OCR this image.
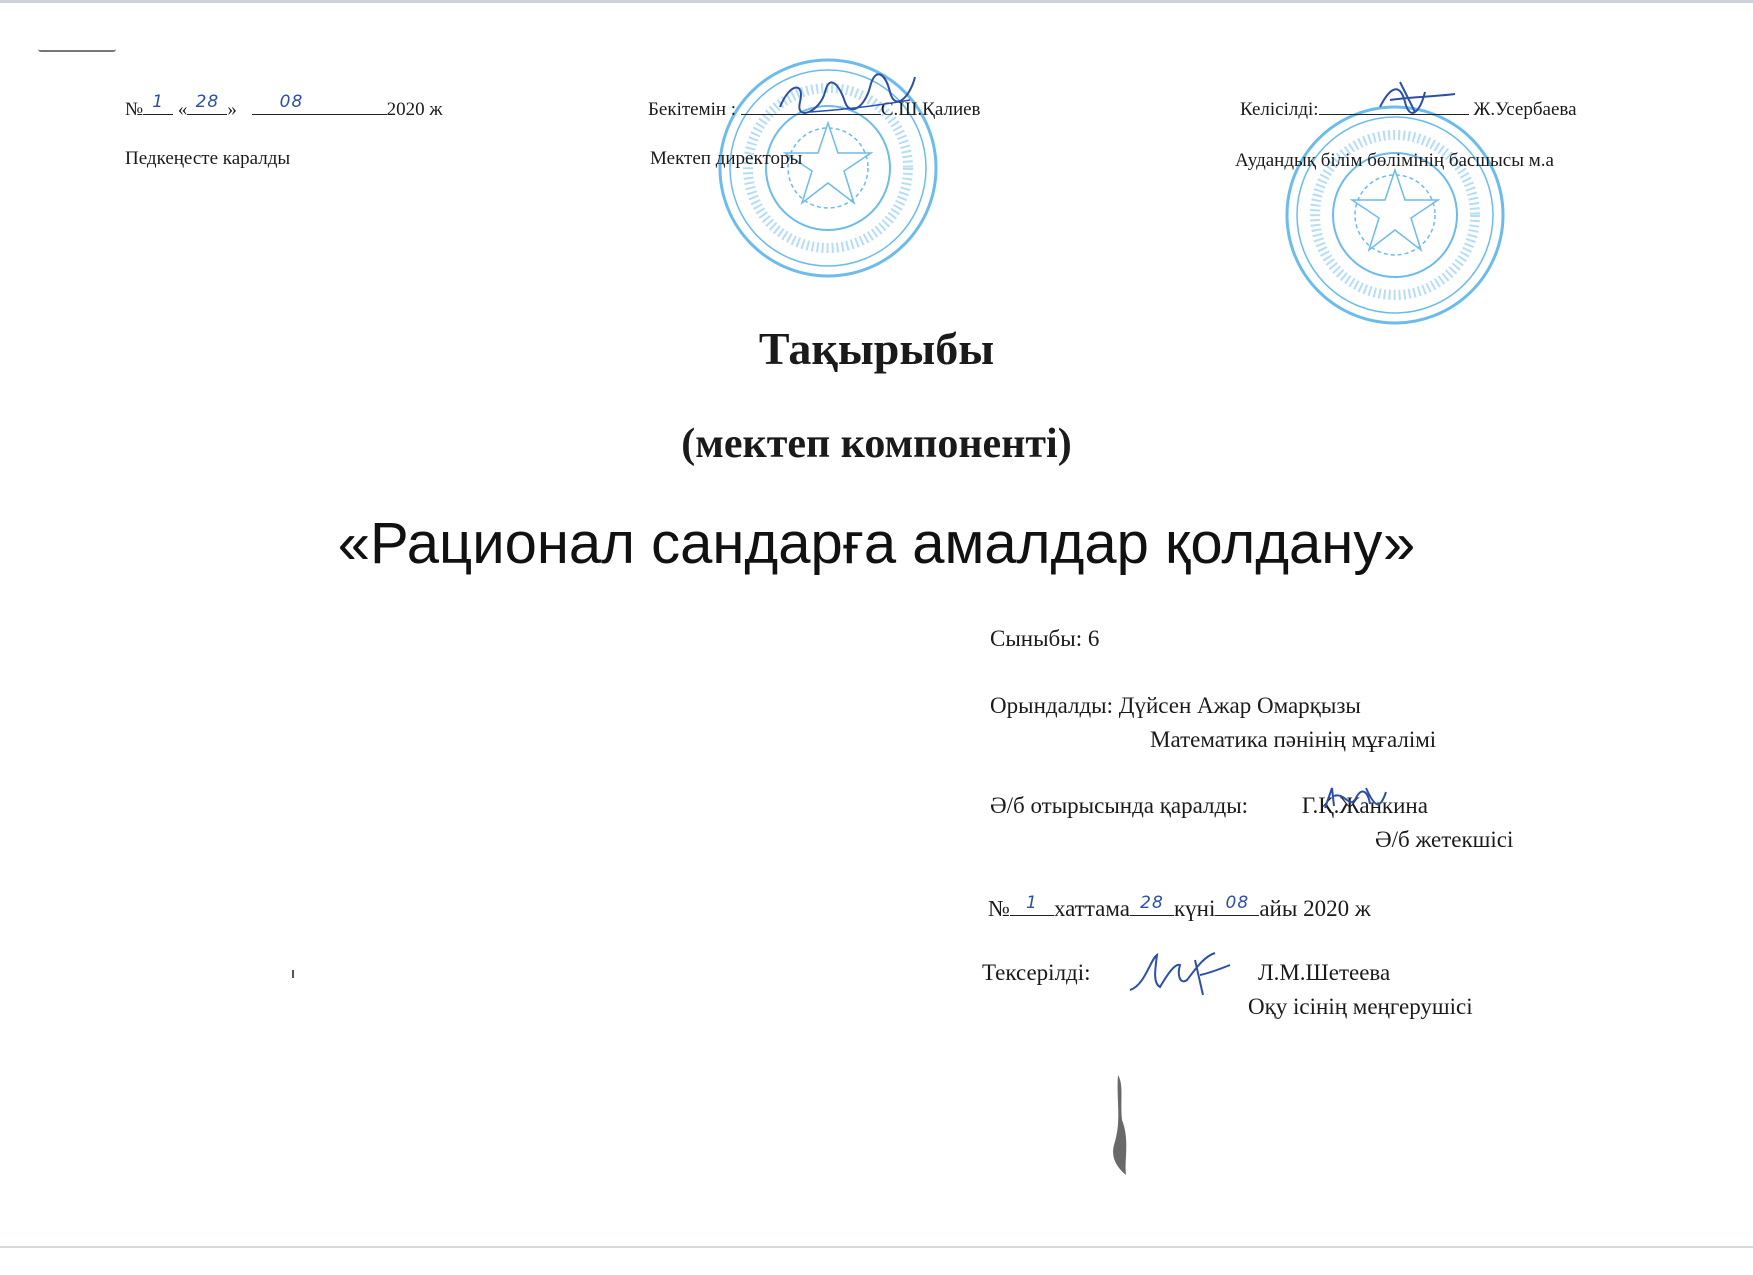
№ 1 « 28 »	08	2020 ж
Педкеңесте каралды
Бекітемін :	С.Ш.Қалиев
Мектеп директоры
Келісілді:	Ж.Усербаева
Аудандық білім бөлімінің басшысы м.а
Тақырыбы
(мектеп компоненті)
«Рационал сандарға амалдар қолдану»
Сыныбы: 6
Орындалды: Дүйсен Ажар Омарқызы
Математика пәнінің мұғалімі
Ә/б отырысында қаралды: Г.Қ.Жанкина
Ә/б жетекшісі
№ 1 хаттама 28 күні 08 айы 2020 ж
Тексерілді:	Л.М.Шетеева
Оқу ісінің меңгерушісі
